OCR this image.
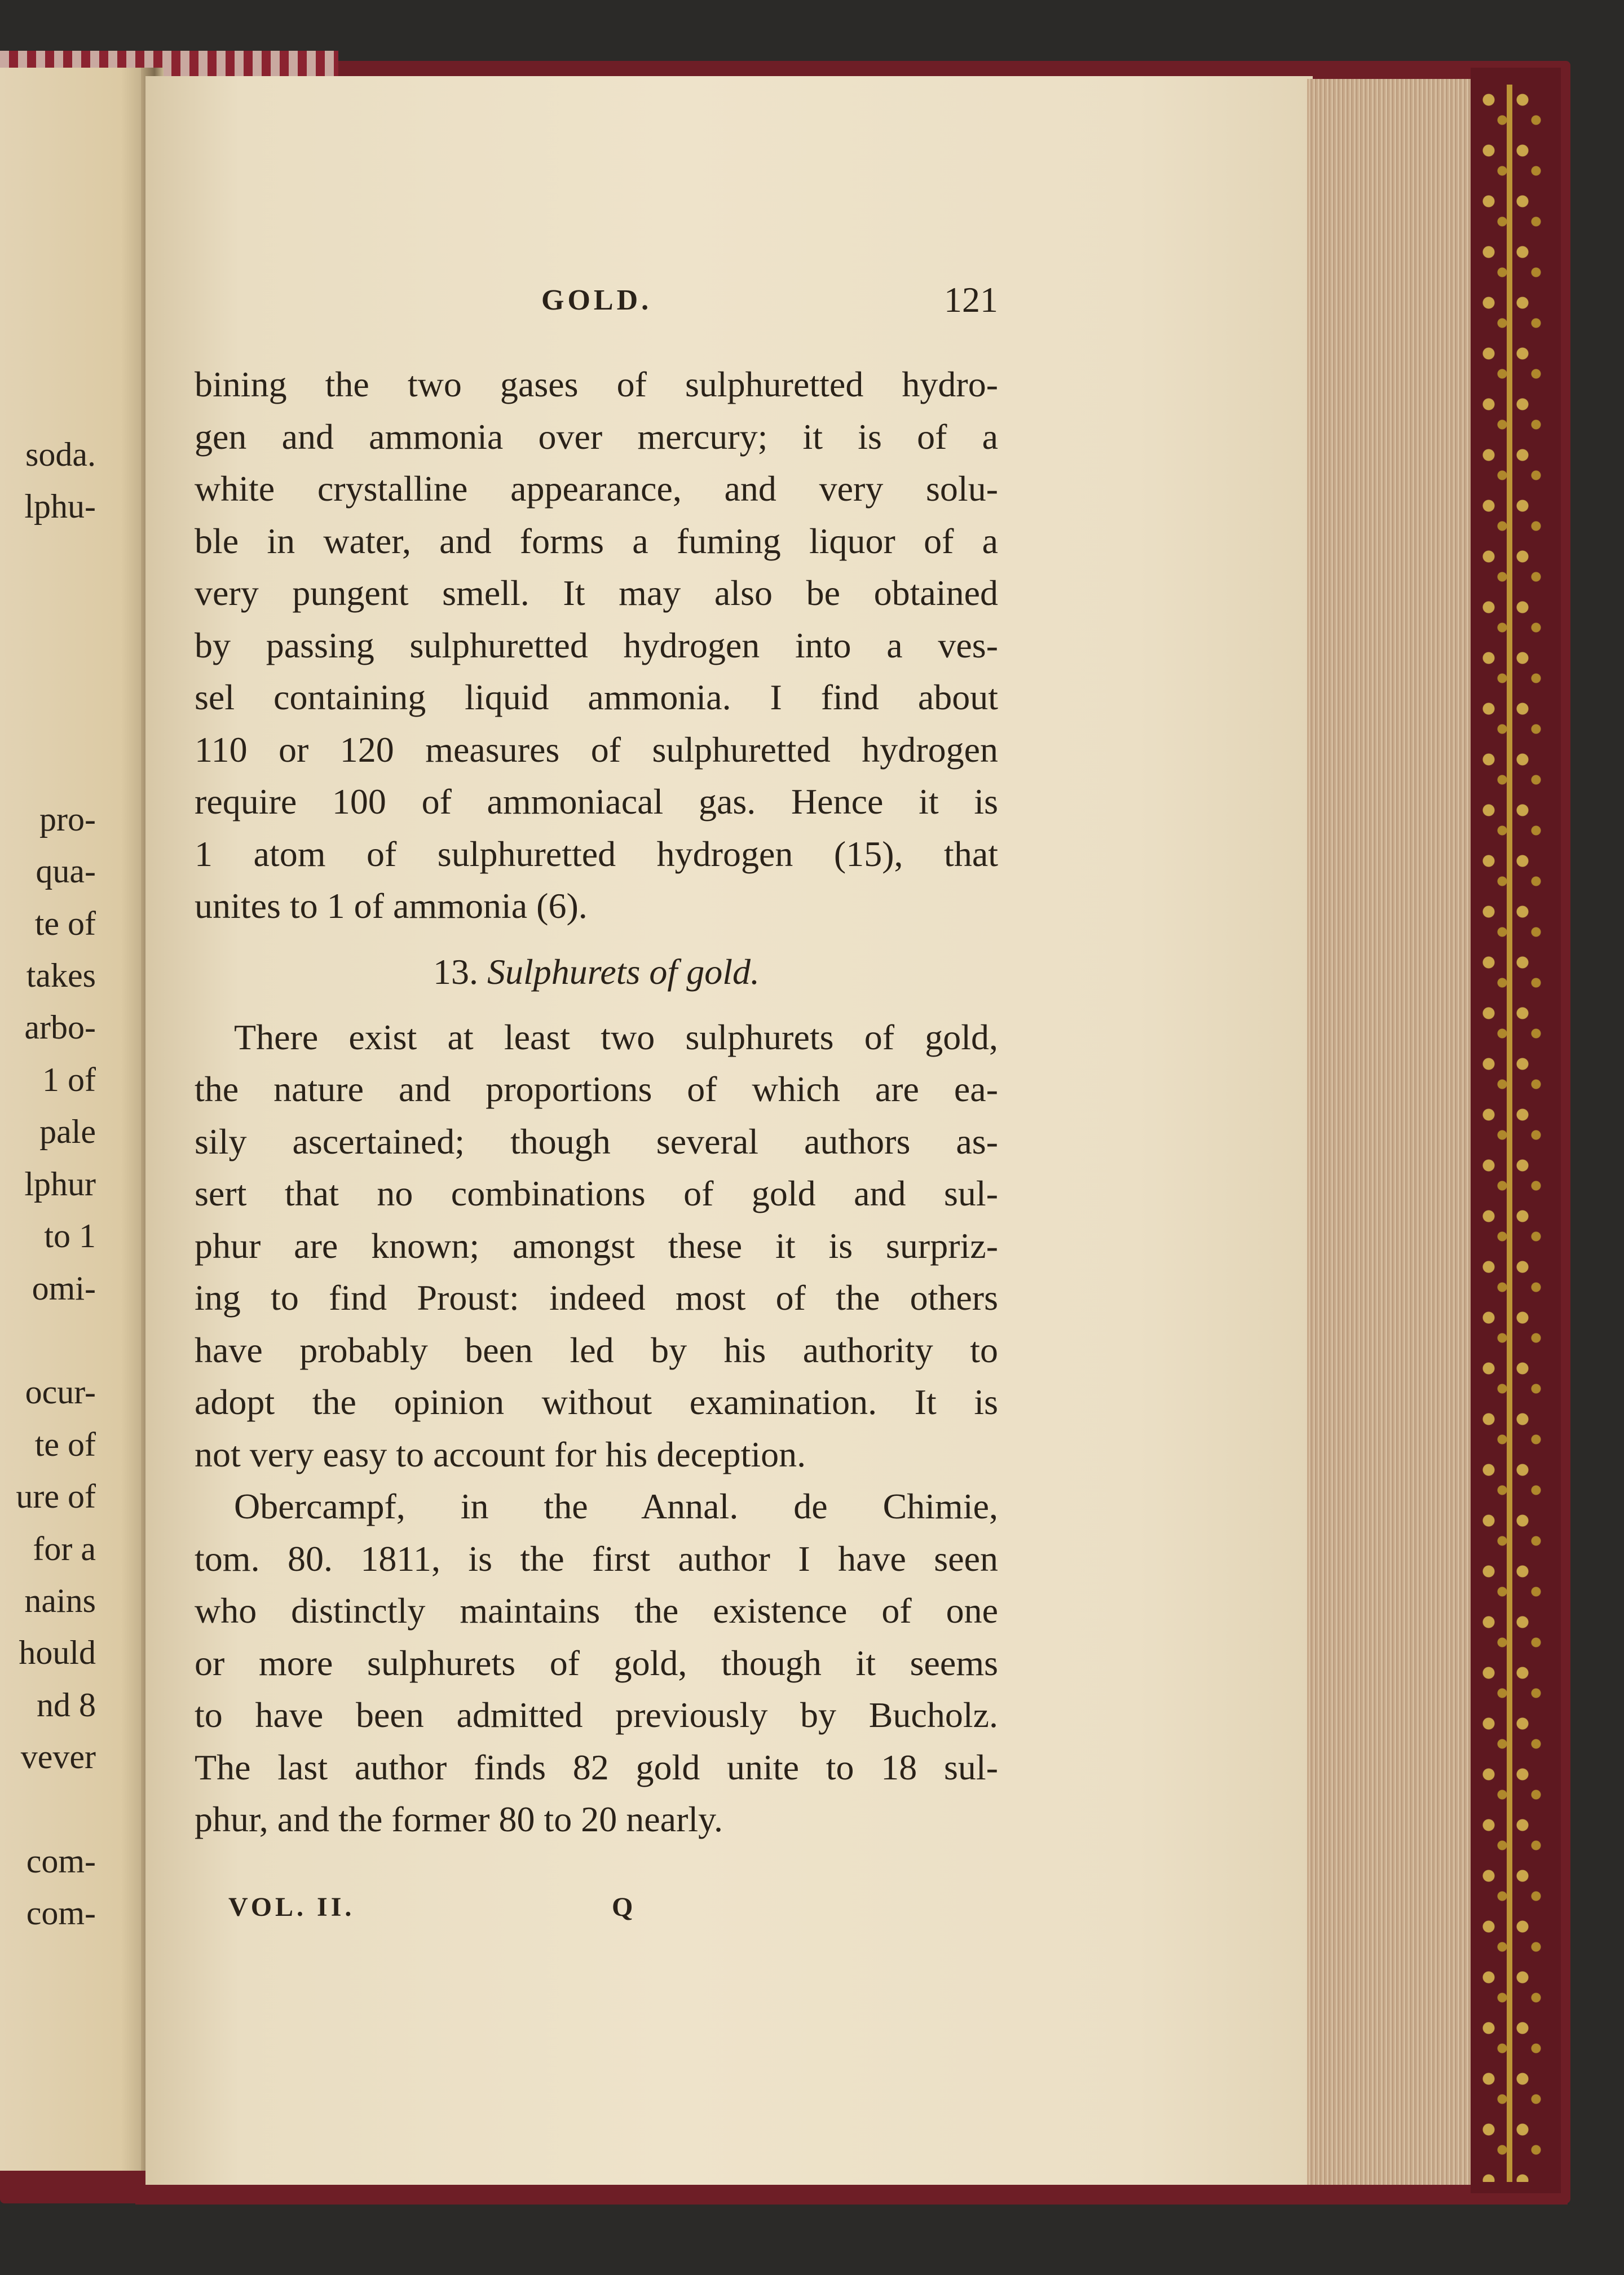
soda.
lphu-

pro-
qua-
te of
takes
arbo-
1 of
pale
lphur
to 1
omi-

ocur-
te of
ure of
for a
nains
hould
nd 8
vever

com-
com-
GOLD.	121
bining the two gases of sulphuretted hydro-
gen and ammonia over mercury; it is of a
white crystalline appearance, and very solu-
ble in water, and forms a fuming liquor of a
very pungent smell. It may also be obtained
by passing sulphuretted hydrogen into a ves-
sel containing liquid ammonia. I find about
110 or 120 measures of sulphuretted hydrogen
require 100 of ammoniacal gas. Hence it is
1 atom of sulphuretted hydrogen (15), that
unites to 1 of ammonia (6).
13. Sulphurets of gold.
There exist at least two sulphurets of gold,
the nature and proportions of which are ea-
sily ascertained; though several authors as-
sert that no combinations of gold and sul-
phur are known; amongst these it is surpriz-
ing to find Proust: indeed most of the others
have probably been led by his authority to
adopt the opinion without examination. It is
not very easy to account for his deception.
Obercampf, in the Annal. de Chimie,
tom. 80. 1811, is the first author I have seen
who distinctly maintains the existence of one
or more sulphurets of gold, though it seems
to have been admitted previously by Bucholz.
The last author finds 82 gold unite to 18 sul-
phur, and the former 80 to 20 nearly.
VOL. II.	Q
